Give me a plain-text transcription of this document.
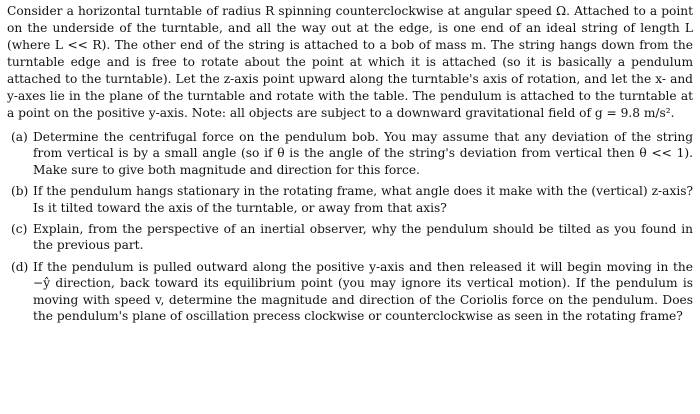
Consider a horizontal turntable of radius R spinning counterclockwise at angular speed Ω. Attached to a point on the underside of the turntable, and all the way out at the edge, is one end of an ideal string of length L (where L << R). The other end of the string is attached to a bob of mass m. The string hangs down from the turntable edge and is free to rotate about the point at which it is attached (so it is basically a pendulum attached to the turntable). Let the z-axis point upward along the turntable's axis of rotation, and let the x- and y-axes lie in the plane of the turntable and rotate with the table. The pendulum is attached to the turntable at a point on the positive y-axis. Note: all objects are subject to a downward gravitational field of g = 9.8 m/s².

(a) Determine the centrifugal force on the pendulum bob. You may assume that any deviation of the string from vertical is by a small angle (so if θ is the angle of the string's deviation from vertical then θ << 1). Make sure to give both magnitude and direction for this force.
(b) If the pendulum hangs stationary in the rotating frame, what angle does it make with the (vertical) z-axis? Is it tilted toward the axis of the turntable, or away from that axis?
(c) Explain, from the perspective of an inertial observer, why the pendulum should be tilted as you found in the previous part.
(d) If the pendulum is pulled outward along the positive y-axis and then released it will begin moving in the −ŷ direction, back toward its equilibrium point (you may ignore its vertical motion). If the pendulum is moving with speed v, determine the magnitude and direction of the Coriolis force on the pendulum. Does the pendulum's plane of oscillation precess clockwise or counterclockwise as seen in the rotating frame?
